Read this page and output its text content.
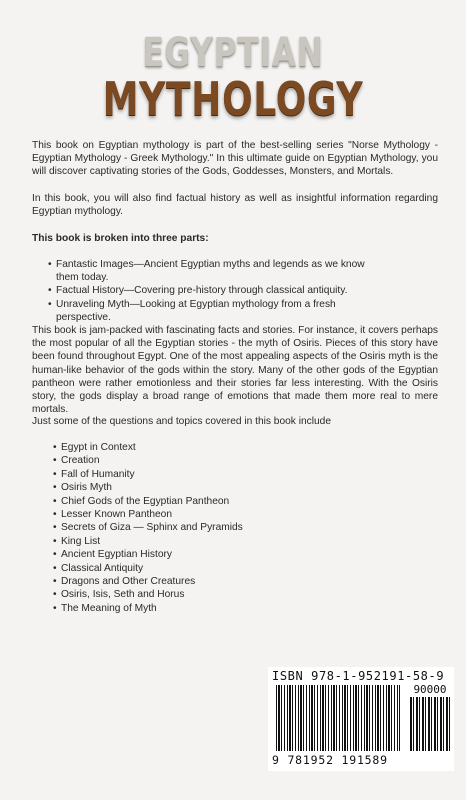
EGYPTIAN
MYTHOLOGY

This book on Egyptian mythology is part of the best-selling series "Norse Mythology - Egyptian Mythology - Greek Mythology." In this ultimate guide on Egyptian Mythology, you will discover captivating stories of the Gods, Goddesses, Monsters, and Mortals.

In this book, you will also find factual history as well as insightful information regarding Egyptian mythology.

This book is broken into three parts:
• Fantastic Images—Ancient Egyptian myths and legends as we know them today.
• Factual History—Covering pre-history through classical antiquity.
• Unraveling Myth—Looking at Egyptian mythology from a fresh perspective.

This book is jam-packed with fascinating facts and stories. For instance, it covers perhaps the most popular of all the Egyptian stories - the myth of Osiris. Pieces of this story have been found throughout Egypt. One of the most appealing aspects of the Osiris myth is the human-like behavior of the gods within the story. Many of the other gods of the Egyptian pantheon were rather emotionless and their stories far less interesting. With the Osiris story, the gods display a broad range of emotions that made them more real to mere mortals.

Just some of the questions and topics covered in this book include
• Egypt in Context
• Creation
• Fall of Humanity
• Osiris Myth
• Chief Gods of the Egyptian Pantheon
• Lesser Known Pantheon
• Secrets of Giza — Sphinx and Pyramids
• King List
• Ancient Egyptian History
• Classical Antiquity
• Dragons and Other Creatures
• Osiris, Isis, Seth and Horus
• The Meaning of Myth
ISBN 978-1-952191-58-9
90000
9 781952 191589
